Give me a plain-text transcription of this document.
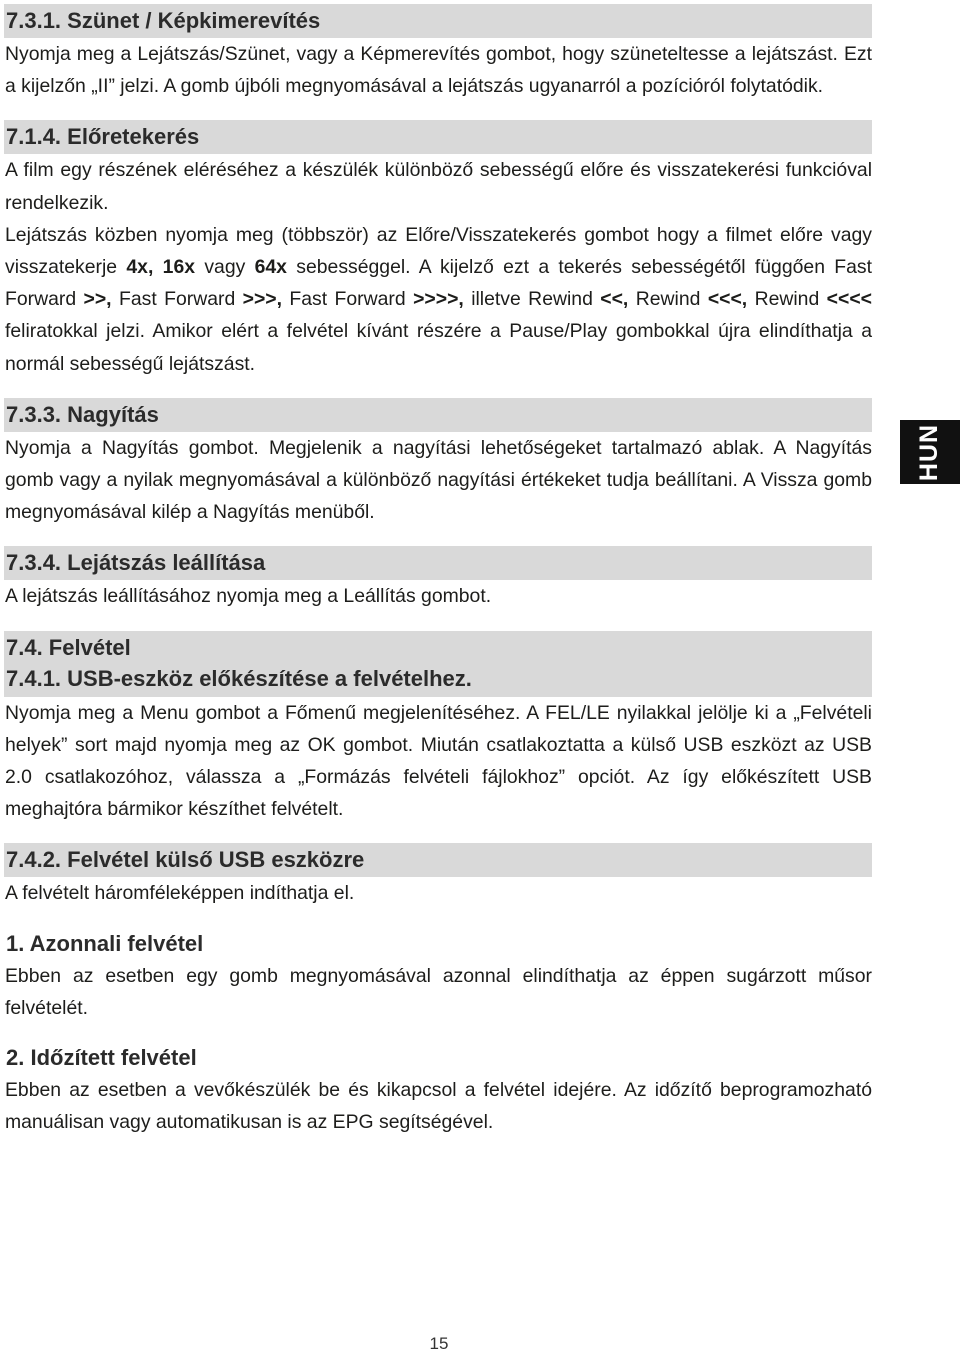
7.3.1. Szünet / Képkimerevítés

Nyomja meg a Lejátszás/Szünet, vagy a Képmerevítés gombot, hogy szüneteltesse a lejátszást. Ezt a kijelzőn „II” jelzi. A gomb újbóli megnyomásával a lejátszás ugyanarról a pozícióról folytatódik.

7.1.4. Előretekerés

A film egy részének eléréséhez a készülék különböző sebességű előre és visszatekerési funkcióval rendelkezik.

Lejátszás közben nyomja meg (többször) az Előre/Visszatekerés gombot hogy a filmet előre vagy visszatekerje 4x, 16x vagy 64x sebességgel. A kijelző ezt a tekerés sebességétől függően Fast Forward >>, Fast Forward >>>, Fast Forward >>>>, illetve Rewind <<, Rewind <<<, Rewind <<<< feliratokkal jelzi. Amikor elért a felvétel kívánt részére a Pause/Play gombokkal újra elindíthatja a normál sebességű lejátszást.

7.3.3. Nagyítás

Nyomja a Nagyítás gombot. Megjelenik a nagyítási lehetőségeket tartalmazó ablak. A Nagyítás gomb vagy a nyilak megnyomásával a különböző nagyítási értékeket tudja beállítani. A Vissza gomb megnyomásával kilép a Nagyítás menüből.

7.3.4. Lejátszás leállítása

A lejátszás leállításához nyomja meg a Leállítás gombot.

7.4. Felvétel
7.4.1. USB-eszköz előkészítése a felvételhez.

Nyomja meg a Menu gombot a Főmenű megjelenítéséhez. A FEL/LE nyilakkal jelölje ki a „Felvételi helyek” sort majd nyomja meg az OK gombot. Miután csatlakoztatta a külső USB eszközt az USB 2.0 csatlakozóhoz, válassza a „Formázás felvételi fájlokhoz” opciót. Az így előkészített USB meghajtóra bármikor készíthet felvételt.

7.4.2. Felvétel külső USB eszközre

A felvételt háromféleképpen indíthatja el.

1. Azonnali felvétel

Ebben az esetben egy gomb megnyomásával azonnal elindíthatja az éppen sugárzott műsor felvételét.

2. Időzített felvétel

Ebben az esetben a vevőkészülék be és kikapcsol a felvétel idejére. Az időzítő beprogramozható manuálisan vagy automatikusan is az EPG segítségével.

HUN
15
